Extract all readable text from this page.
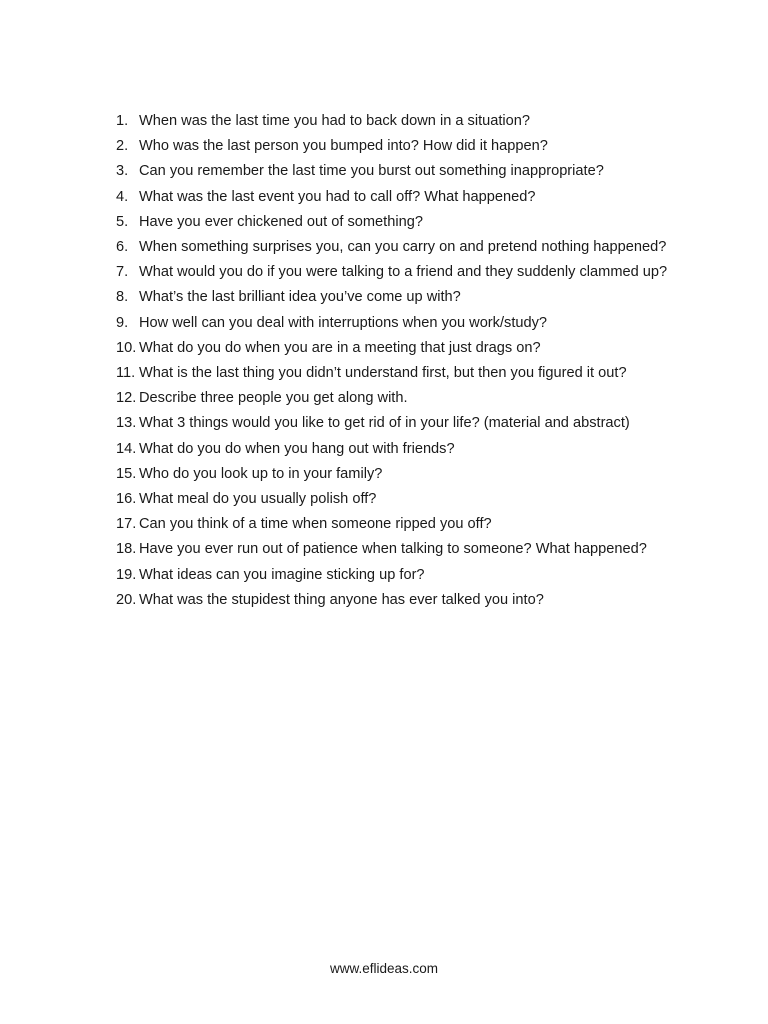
1. When was the last time you had to back down in a situation?
2. Who was the last person you bumped into? How did it happen?
3. Can you remember the last time you burst out something inappropriate?
4. What was the last event you had to call off? What happened?
5. Have you ever chickened out of something?
6. When something surprises you, can you carry on and pretend nothing happened?
7. What would you do if you were talking to a friend and they suddenly clammed up?
8. What’s the last brilliant idea you’ve come up with?
9. How well can you deal with interruptions when you work/study?
10. What do you do when you are in a meeting that just drags on?
11. What is the last thing you didn’t understand first, but then you figured it out?
12. Describe three people you get along with.
13. What 3 things would you like to get rid of in your life? (material and abstract)
14. What do you do when you hang out with friends?
15. Who do you look up to in your family?
16. What meal do you usually polish off?
17. Can you think of a time when someone ripped you off?
18. Have you ever run out of patience when talking to someone? What happened?
19. What ideas can you imagine sticking up for?
20. What was the stupidest thing anyone has ever talked you into?
www.eflideas.com
